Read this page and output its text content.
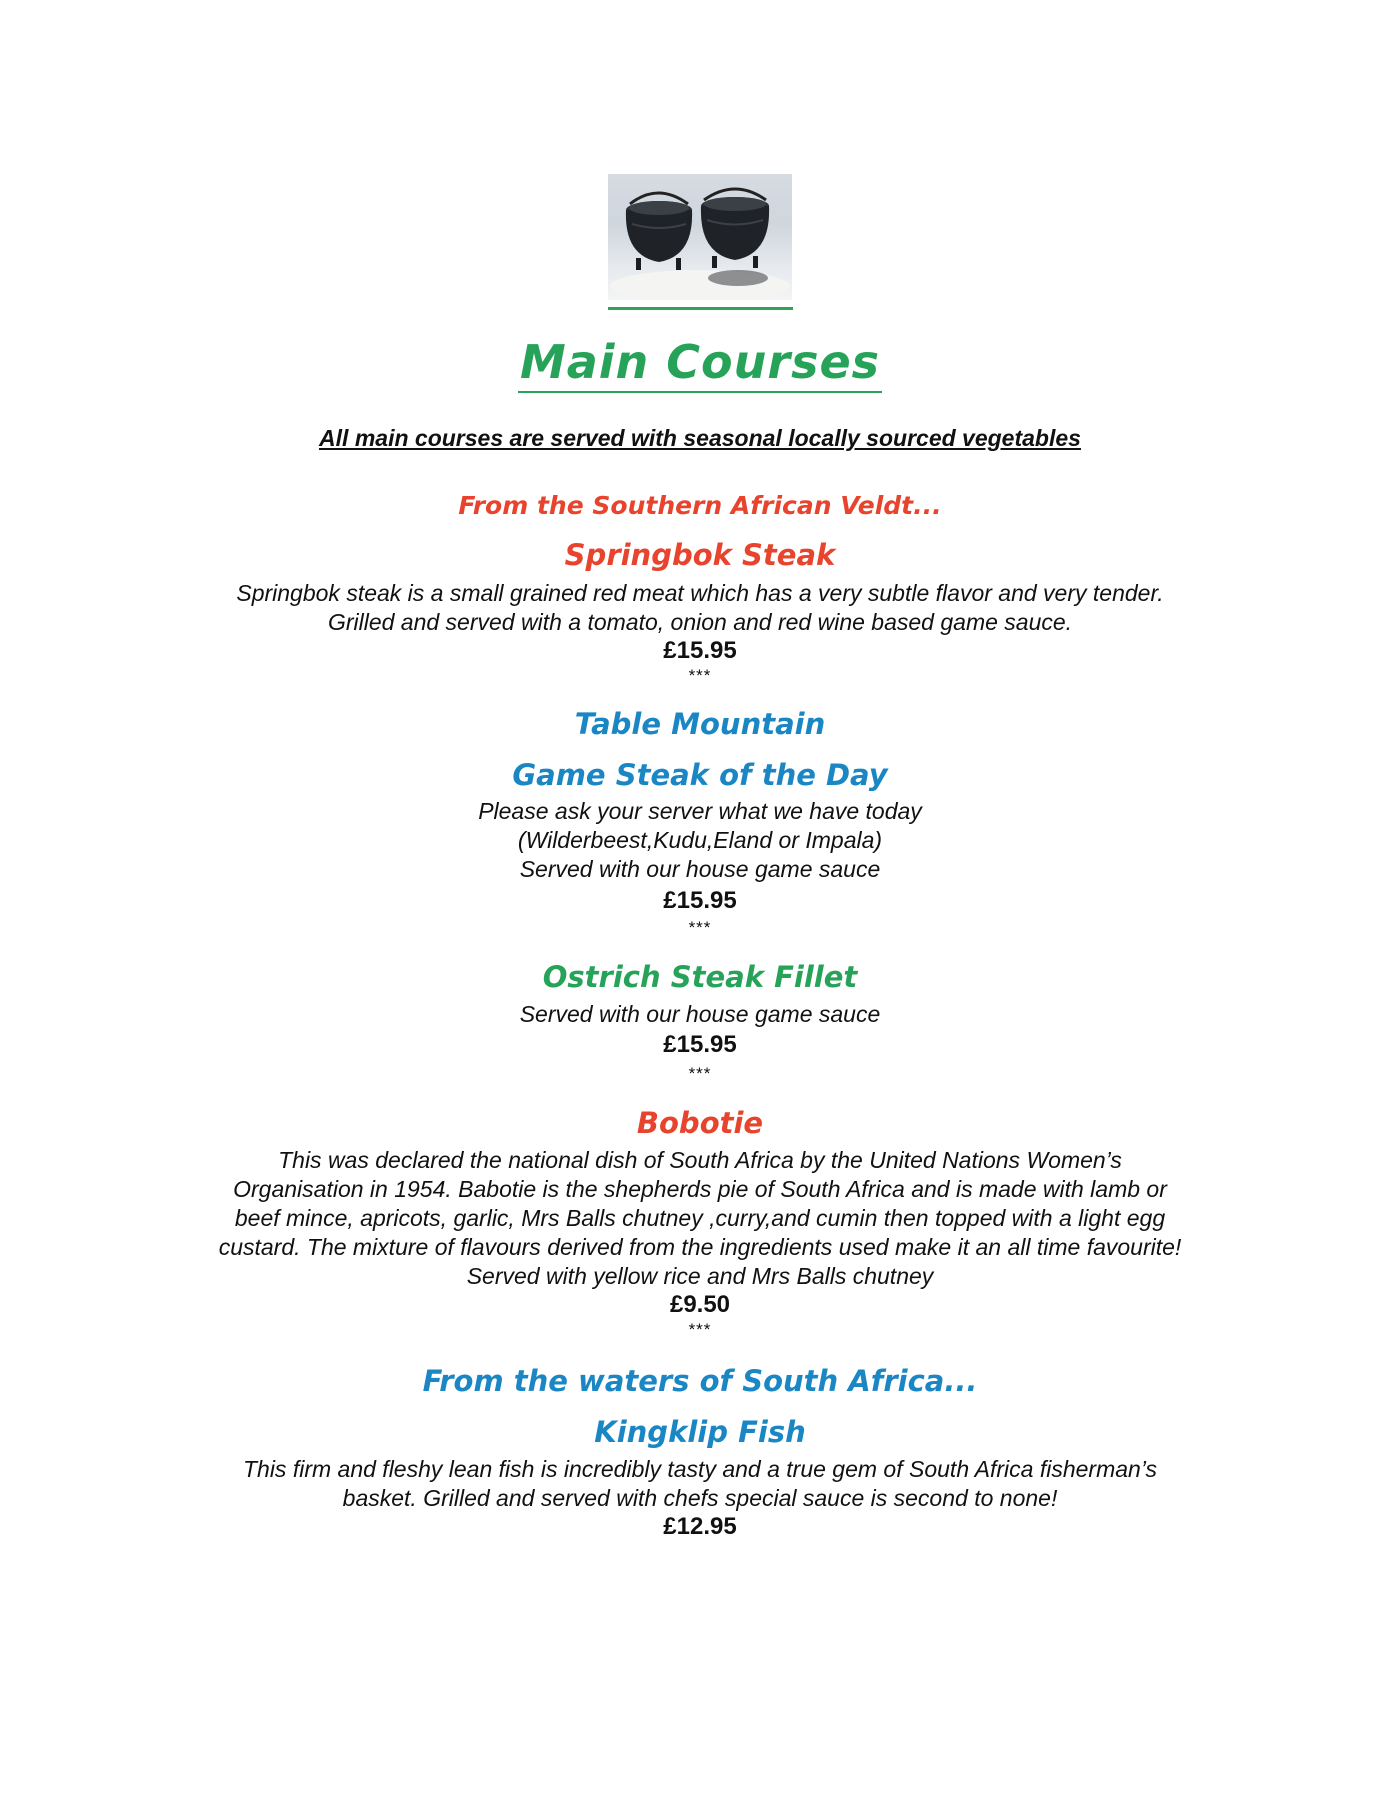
Main Courses
All main courses are served with seasonal locally sourced vegetables
From the Southern African Veldt...
Springbok Steak
Springbok steak is a small grained red meat which has a very subtle flavor and very tender.
Grilled and served with a tomato, onion and red wine based game sauce.
£15.95
***
Table Mountain
Game Steak of the Day
Please ask your server what we have today
(Wilderbeest,Kudu,Eland or Impala)
Served with our house game sauce
£15.95
***
Ostrich Steak Fillet
Served with our house game sauce
£15.95
***
Bobotie
This was declared the national dish of South Africa by the United Nations Women’s
Organisation in 1954. Babotie is the shepherds pie of South Africa and is made with lamb or
beef mince, apricots, garlic, Mrs Balls chutney ,curry,and cumin then topped with a light egg
custard. The mixture of flavours derived from the ingredients used make it an all time favourite!
Served with yellow rice and Mrs Balls chutney
£9.50
***
From the waters of South Africa...
Kingklip Fish
This firm and fleshy lean fish is incredibly tasty and a true gem of South Africa fisherman’s
basket. Grilled and served with chefs special sauce is second to none!
£12.95
